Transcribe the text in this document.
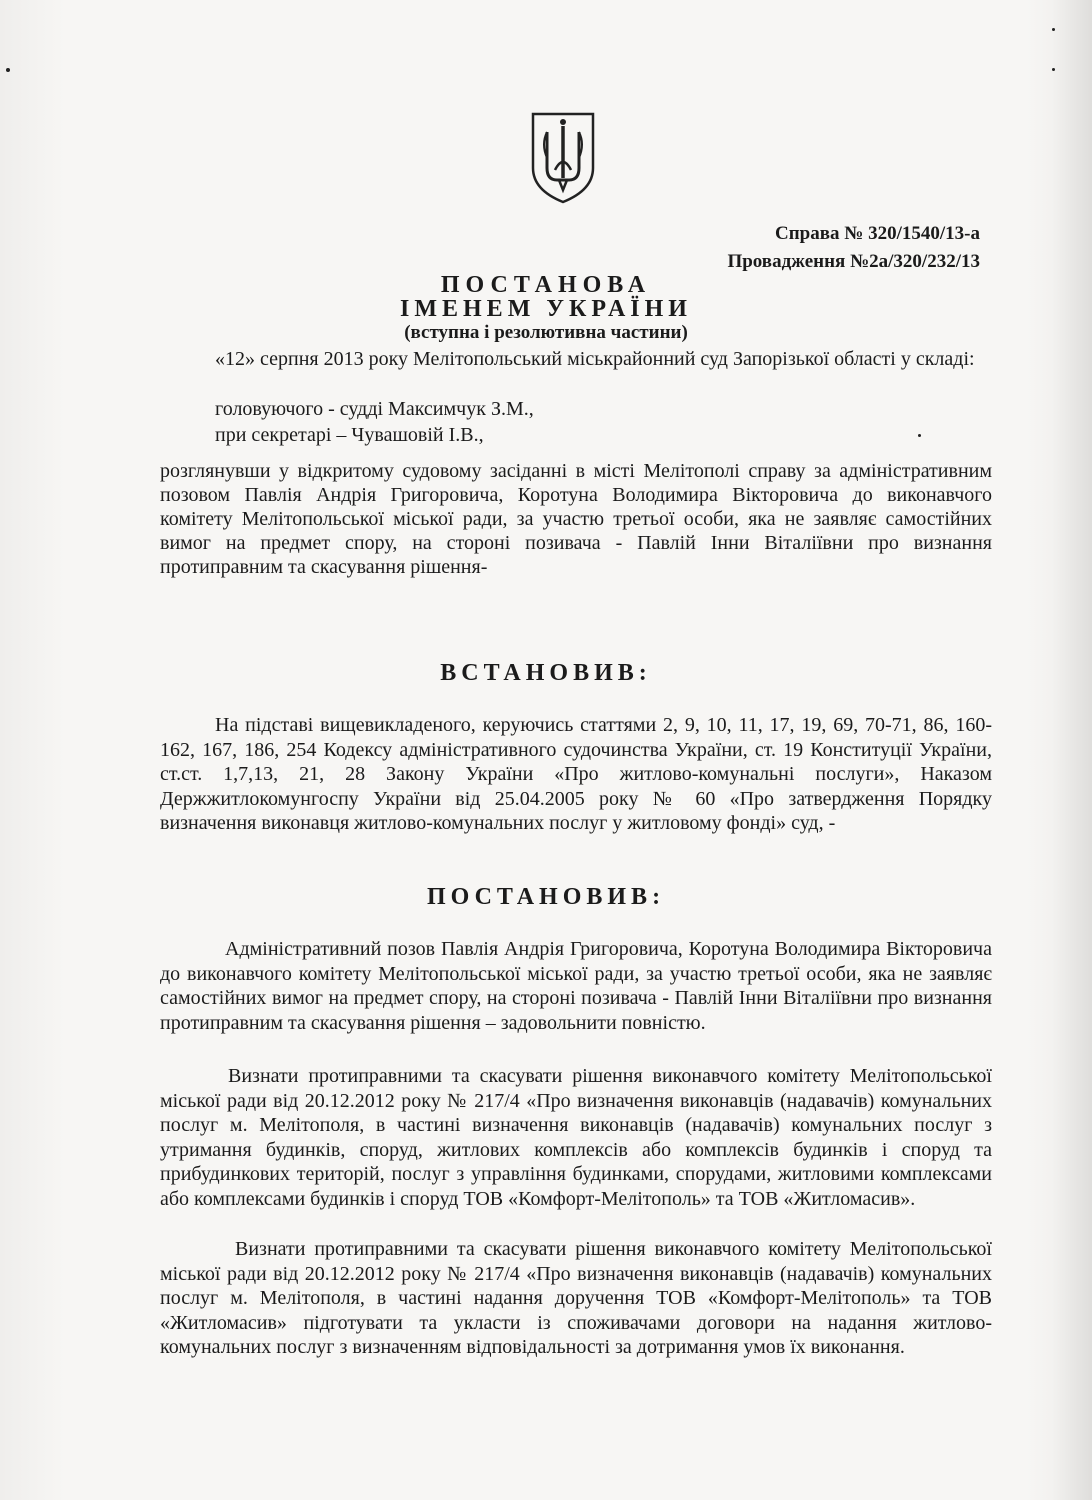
Справа № 320/1540/13-а
Провадження №2а/320/232/13
ПОСТАНОВА
ІМЕНЕМ УКРАЇНИ
(вступна і резолютивна частини)
«12» серпня 2013 року Мелітопольський міськрайонний суд Запорізької області у складі:
головуючого - судді Максимчук З.М.,
при секретарі – Чувашовій І.В.,
розглянувши у відкритому судовому засіданні в місті Мелітополі справу за адміністративним позовом Павлія Андрія Григоровича, Коротуна Володимира Вікторовича до виконавчого комітету Мелітопольської міської ради, за участю третьої особи, яка не заявляє самостійних вимог на предмет спору, на стороні позивача - Павлій Інни Віталіївни про визнання протиправним та скасування рішення-
ВСТАНОВИВ:
На підставі вищевикладеного, керуючись статтями 2, 9, 10, 11, 17, 19, 69, 70-71, 86, 160-162, 167, 186, 254 Кодексу адміністративного судочинства України, ст. 19 Конституції України, ст.ст. 1,7,13, 21, 28 Закону України «Про житлово-комунальні послуги», Наказом Держжитлокомунгоспу України від 25.04.2005 року № 60 «Про затвердження Порядку визначення виконавця житлово-комунальних послуг у житловому фонді» суд, -
ПОСТАНОВИВ:
Адміністративний позов Павлія Андрія Григоровича, Коротуна Володимира Вікторовича до виконавчого комітету Мелітопольської міської ради, за участю третьої особи, яка не заявляє самостійних вимог на предмет спору, на стороні позивача - Павлій Інни Віталіївни про визнання протиправним та скасування рішення – задовольнити повністю.
Визнати протиправними та скасувати рішення виконавчого комітету Мелітопольської міської ради від 20.12.2012 року № 217/4 «Про визначення виконавців (надавачів) комунальних послуг м. Мелітополя, в частині визначення виконавців (надавачів) комунальних послуг з утримання будинків, споруд, житлових комплексів або комплексів будинків і споруд та прибудинкових територій, послуг з управління будинками, спорудами, житловими комплексами або комплексами будинків і споруд ТОВ «Комфорт-Мелітополь» та ТОВ «Житломасив».
Визнати протиправними та скасувати рішення виконавчого комітету Мелітопольської міської ради від 20.12.2012 року № 217/4 «Про визначення виконавців (надавачів) комунальних послуг м. Мелітополя, в частині надання доручення ТОВ «Комфорт-Мелітополь» та ТОВ «Житломасив» підготувати та укласти із споживачами договори на надання житлово-комунальних послуг з визначенням відповідальності за дотримання умов їх виконання.
